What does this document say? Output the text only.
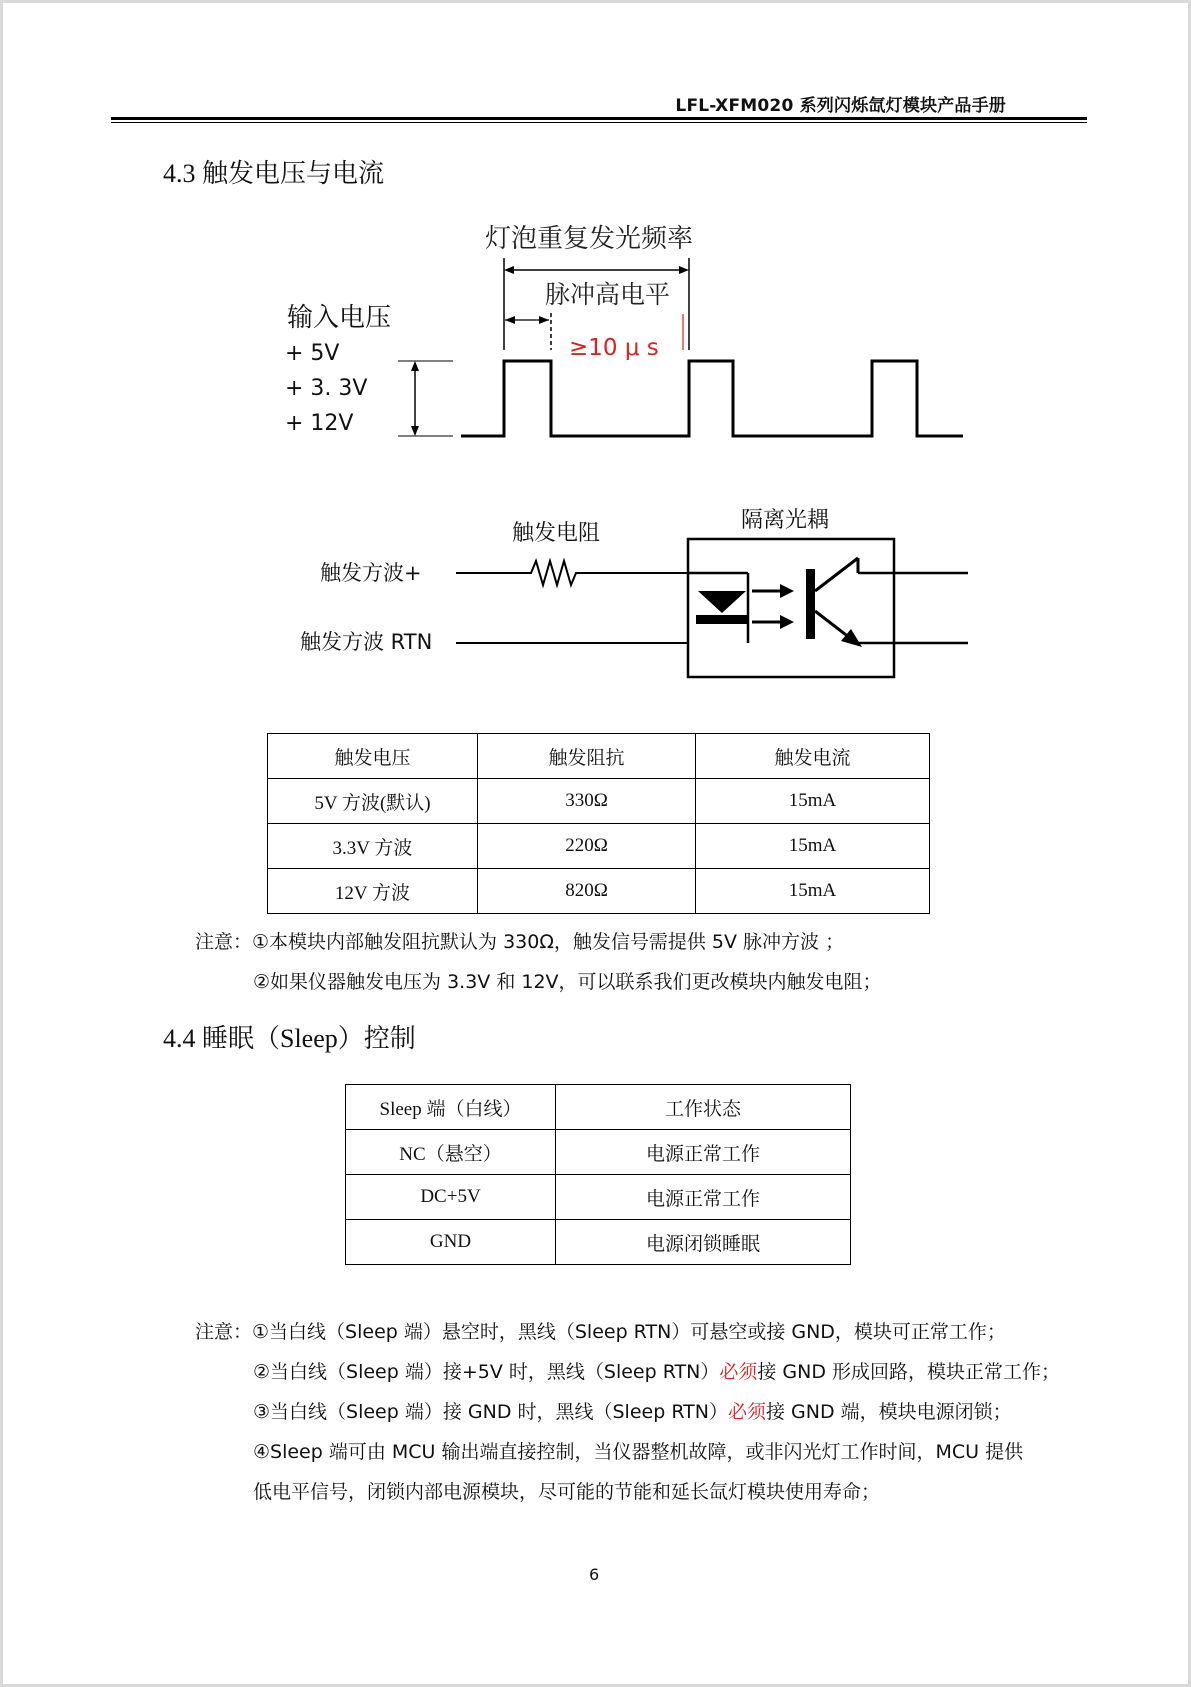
LFL-XFM020 系列闪烁氙灯模块产品手册
4.3 触发电压与电流
灯泡重复发光频率
脉冲高电平
≥10 μ s
输入电压
+ 5V
+ 3. 3V
+ 12V
触发电阻
隔离光耦
触发方波+
触发方波 RTN
触发电压	触发阻抗	触发电流
5V 方波(默认)	330Ω	15mA
3.3V 方波	220Ω	15mA
12V 方波	820Ω	15mA
注意：①本模块内部触发阻抗默认为 330Ω，触发信号需提供 5V 脉冲方波 ；
②如果仪器触发电压为 3.3V 和 12V，可以联系我们更改模块内触发电阻；
4.4 睡眠（Sleep）控制
Sleep 端（白线）	工作状态
NC（悬空）	电源正常工作
DC+5V	电源正常工作
GND	电源闭锁睡眠
注意：①当白线（Sleep 端）悬空时，黑线（Sleep RTN）可悬空或接 GND，模块可正常工作；
②当白线（Sleep 端）接+5V 时，黑线（Sleep RTN）必须接 GND 形成回路，模块正常工作；
③当白线（Sleep 端）接 GND 时，黑线（Sleep RTN）必须接 GND 端，模块电源闭锁；
④Sleep 端可由 MCU 输出端直接控制，当仪器整机故障，或非闪光灯工作时间，MCU 提供
低电平信号，闭锁内部电源模块，尽可能的节能和延长氙灯模块使用寿命；
6
